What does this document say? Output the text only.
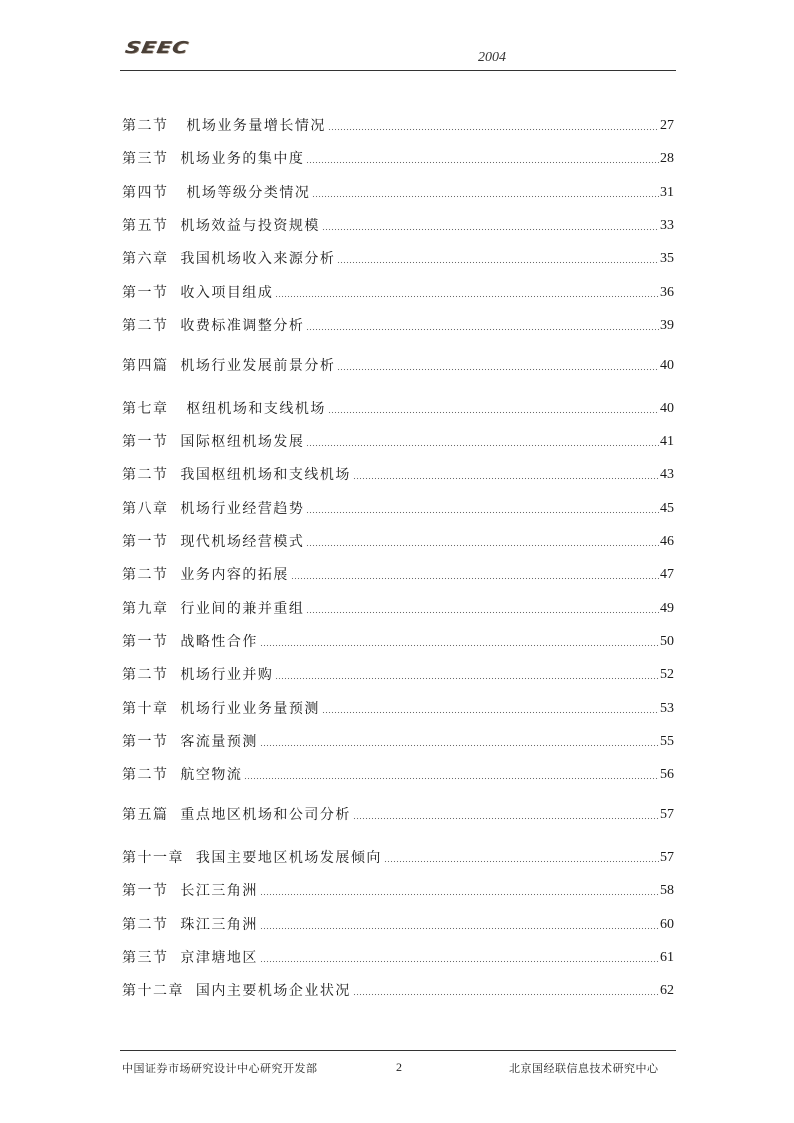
SEEC
2004
第二节   机场业务量增长情况	27
第三节  机场业务的集中度	28
第四节   机场等级分类情况	31
第五节  机场效益与投资规模	33
第六章  我国机场收入来源分析	35
第一节  收入项目组成	36
第二节  收费标准调整分析	39
第四篇  机场行业发展前景分析	40
第七章   枢纽机场和支线机场	40
第一节  国际枢纽机场发展	41
第二节  我国枢纽机场和支线机场	43
第八章  机场行业经营趋势	45
第一节  现代机场经营模式	46
第二节  业务内容的拓展	47
第九章  行业间的兼并重组	49
第一节  战略性合作	50
第二节  机场行业并购	52
第十章  机场行业业务量预测	53
第一节  客流量预测	55
第二节  航空物流	56
第五篇  重点地区机场和公司分析	57
第十一章  我国主要地区机场发展倾向	57
第一节  长江三角洲	58
第二节  珠江三角洲	60
第三节  京津塘地区	61
第十二章  国内主要机场企业状况	62
中国证券市场研究设计中心研究开发部	2	北京国经联信息技术研究中心
